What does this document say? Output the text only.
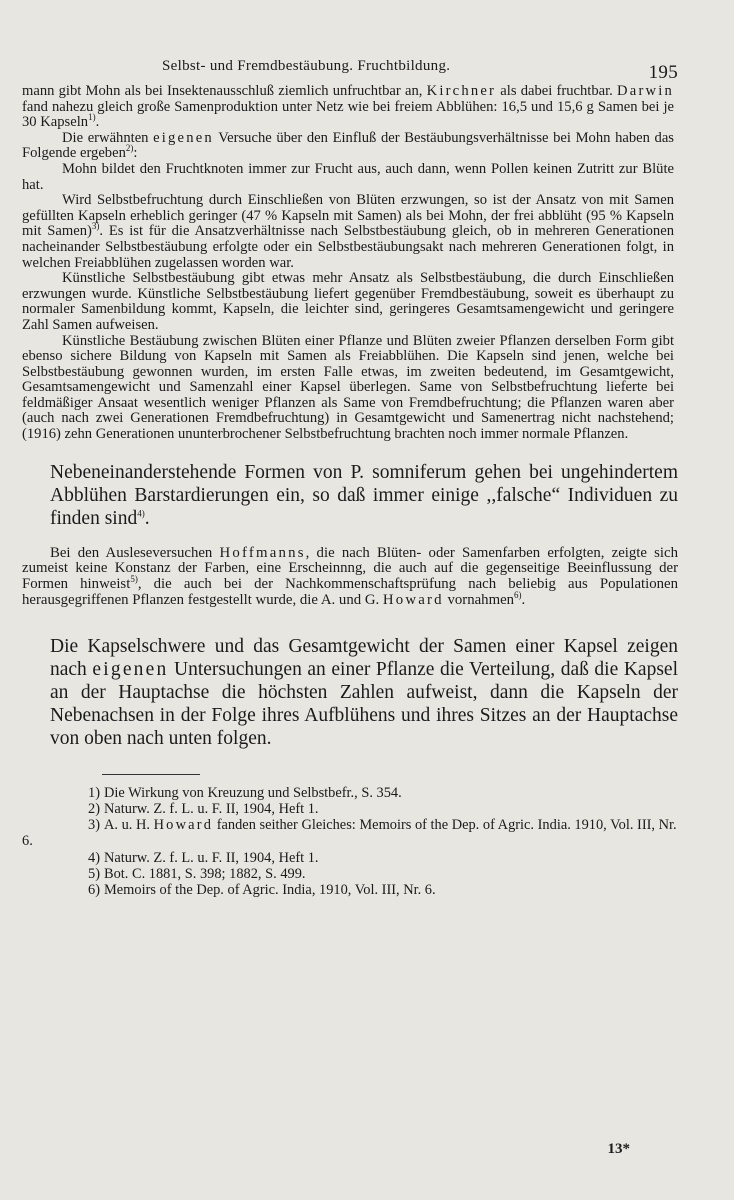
Selbst- und Fremdbestäubung. Fruchtbildung.	195

mann gibt Mohn als bei Insektenausschluß ziemlich unfruchtbar an, Kirchner als dabei fruchtbar. Darwin fand nahezu gleich große Samenproduktion unter Netz wie bei freiem Abblühen: 16,5 und 15,6 g Samen bei je 30 Kapseln$^{1)}$.

Die erwähnten eigenen Versuche über den Einfluß der Bestäubungsverhältnisse bei Mohn haben das Folgende ergeben$^{2)}$:

Mohn bildet den Fruchtknoten immer zur Frucht aus, auch dann, wenn Pollen keinen Zutritt zur Blüte hat.

Wird Selbstbefruchtung durch Einschließen von Blüten erzwungen, so ist der Ansatz von mit Samen gefüllten Kapseln erheblich geringer (47 % Kapseln mit Samen) als bei Mohn, der frei abblüht (95 % Kapseln mit Samen)$^{3)}$. Es ist für die Ansatzverhältnisse nach Selbstbestäubung gleich, ob in mehreren Generationen nacheinander Selbstbestäubung erfolgte oder ein Selbstbestäubungsakt nach mehreren Generationen folgt, in welchen Freiabblühen zugelassen worden war.

Künstliche Selbstbestäubung gibt etwas mehr Ansatz als Selbstbestäubung, die durch Einschließen erzwungen wurde. Künstliche Selbstbestäubung liefert gegenüber Fremdbestäubung, soweit es überhaupt zu normaler Samenbildung kommt, Kapseln, die leichter sind, geringeres Gesamtsamengewicht und geringere Zahl Samen aufweisen.

Künstliche Bestäubung zwischen Blüten einer Pflanze und Blüten zweier Pflanzen derselben Form gibt ebenso sichere Bildung von Kapseln mit Samen als Freiabblühen. Die Kapseln sind jenen, welche bei Selbstbestäubung gewonnen wurden, im ersten Falle etwas, im zweiten bedeutend, im Gesamtgewicht, Gesamtsamengewicht und Samenzahl einer Kapsel überlegen. Same von Selbstbefruchtung lieferte bei feldmäßiger Ansaat wesentlich weniger Pflanzen als Same von Fremdbefruchtung; die Pflanzen waren aber (auch nach zwei Generationen Fremdbefruchtung) in Gesamtgewicht und Samenertrag nicht nachstehend; (1916) zehn Generationen ununterbrochener Selbstbefruchtung brachten noch immer normale Pflanzen.

Nebeneinanderstehende Formen von P. somniferum gehen bei ungehindertem Abblühen Barstardierungen ein, so daß immer einige ,,falsche“ Individuen zu finden sind$^{4)}$.

Bei den Ausleseversuchen Hoffmanns, die nach Blüten- oder Samenfarben erfolgten, zeigte sich zumeist keine Konstanz der Farben, eine Erscheinnng, die auch auf die gegenseitige Beeinflussung der Formen hinweist$^{5)}$, die auch bei der Nachkommenschaftsprüfung nach beliebig aus Populationen herausgegriffenen Pflanzen festgestellt wurde, die A. und G. Howard vornahmen$^{6)}$.

Die Kapselschwere und das Gesamtgewicht der Samen einer Kapsel zeigen nach eigenen Untersuchungen an einer Pflanze die Verteilung, daß die Kapsel an der Hauptachse die höchsten Zahlen aufweist, dann die Kapseln der Nebenachsen in der Folge ihres Aufblühens und ihres Sitzes an der Hauptachse von oben nach unten folgen.

1) Die Wirkung von Kreuzung und Selbstbefr., S. 354.
2) Naturw. Z. f. L. u. F. II, 1904, Heft 1.
3) A. u. H. Howard fanden seither Gleiches: Memoirs of the Dep. of Agric. India. 1910, Vol. III, Nr. 6.
4) Naturw. Z. f. L. u. F. II, 1904, Heft 1.
5) Bot. C. 1881, S. 398; 1882, S. 499.
6) Memoirs of the Dep. of Agric. India, 1910, Vol. III, Nr. 6.
13*
